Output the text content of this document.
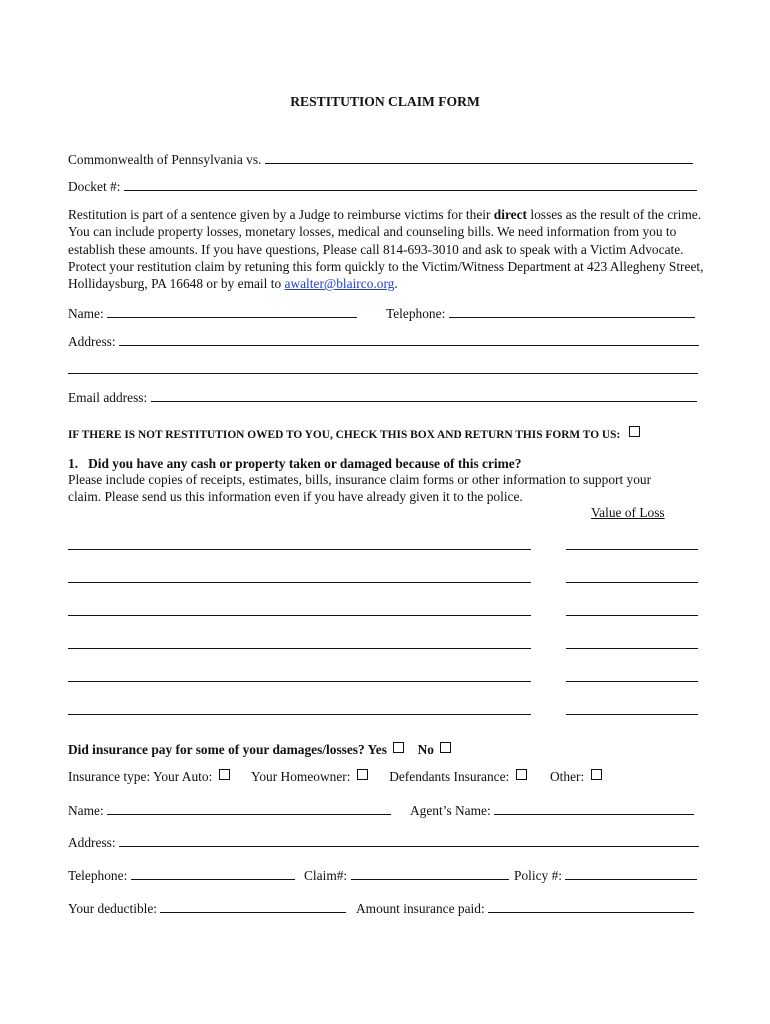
RESTITUTION CLAIM FORM
Commonwealth of Pennsylvania vs.
Docket #:
Restitution is part of a sentence given by a Judge to reimburse victims for their direct losses as the result of the crime. You can include property losses, monetary losses, medical and counseling bills. We need information from you to establish these amounts. If you have questions, Please call 814-693-3010 and ask to speak with a Victim Advocate. Protect your restitution claim by retuning this form quickly to the Victim/Witness Department at 423 Allegheny Street, Hollidaysburg, PA 16648 or by email to awalter@blairco.org.
Name:	Telephone:
Address:
Email address:
IF THERE IS NOT RESTITUTION OWED TO YOU, CHECK THIS BOX AND RETURN THIS FORM TO US:
1.   Did you have any cash or property taken or damaged because of this crime?
Please include copies of receipts, estimates, bills, insurance claim forms or other information to support your
claim. Please send us this information even if you have already given it to the police.
Value of Loss
Did insurance pay for some of your damages/losses? Yes No
Insurance type: Your Auto:	Your Homeowner:	Defendants Insurance:	Other:
Name:	Agent’s Name:
Address:
Telephone:	Claim#:	Policy #:
Your deductible:	Amount insurance paid:
